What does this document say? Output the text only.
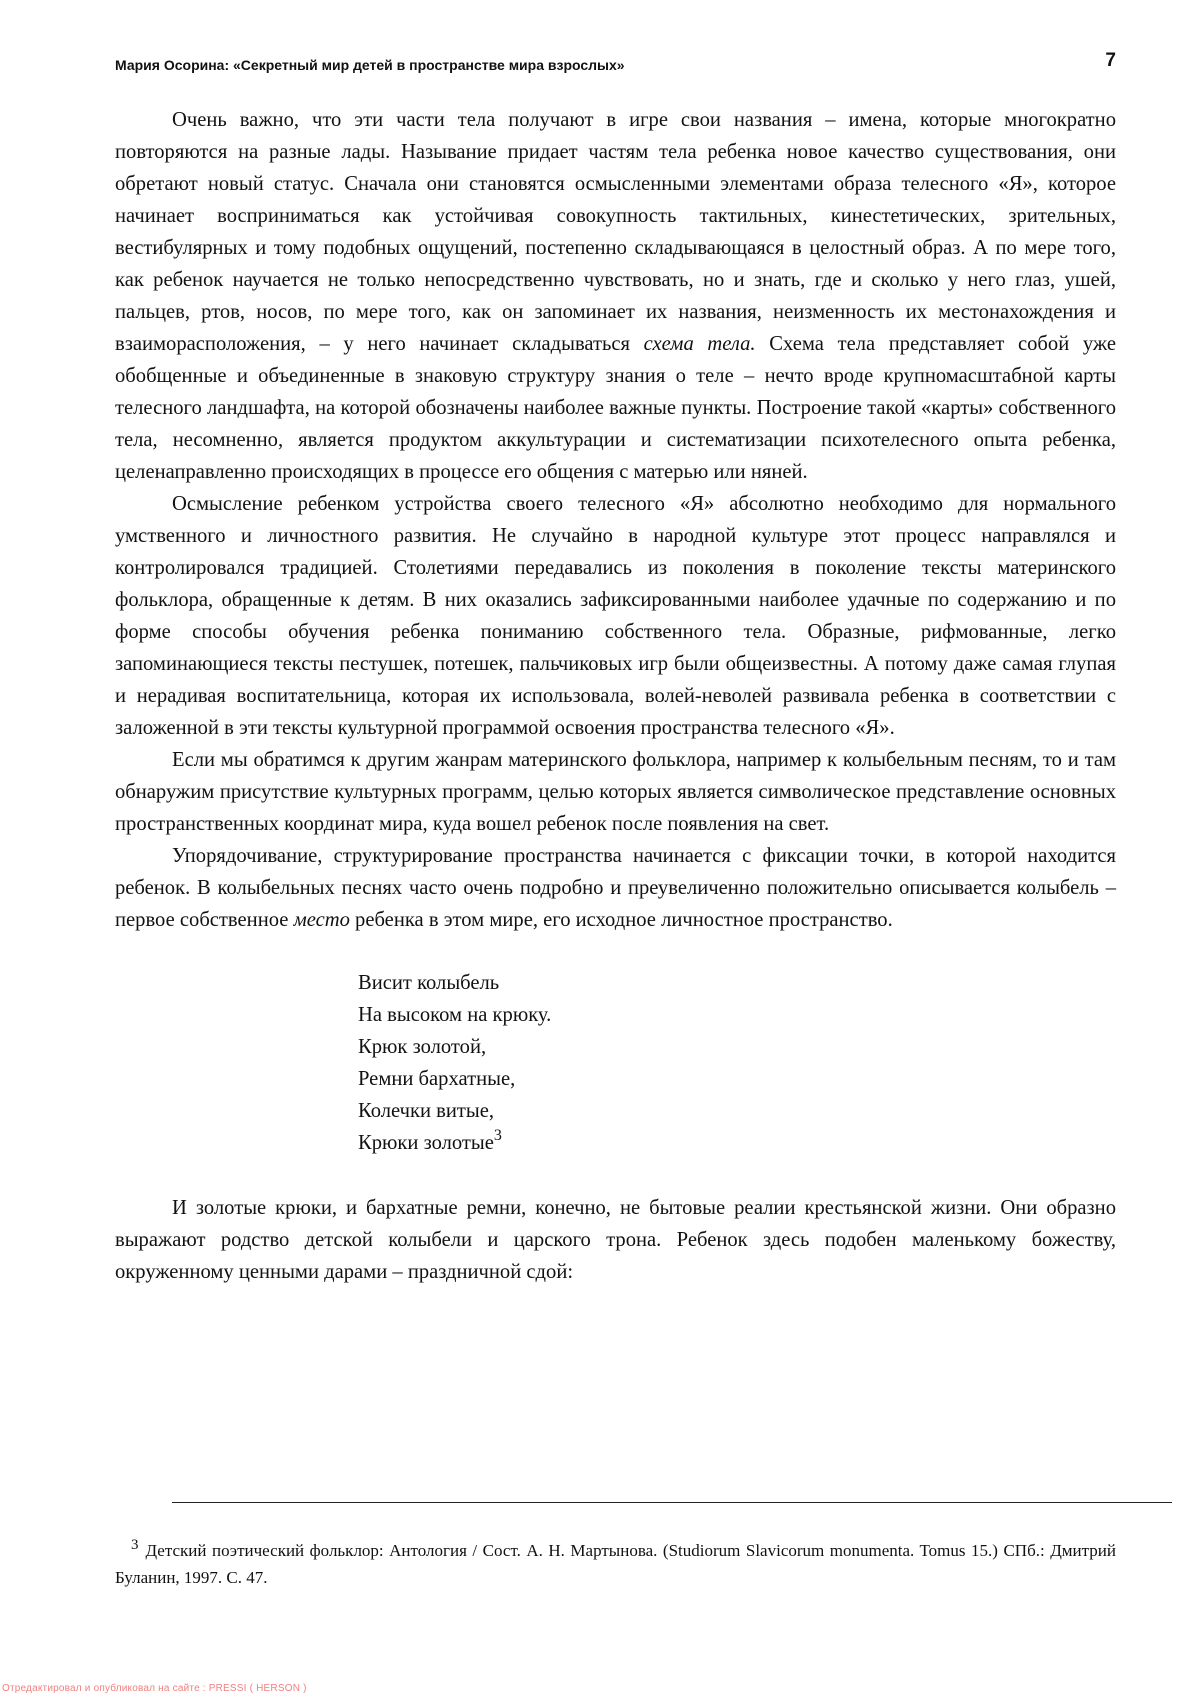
Мария Осорина: «Секретный мир детей в пространстве мира взрослых»	7

Очень важно, что эти части тела получают в игре свои названия – имена, которые многократно повторяются на разные лады. Называние придает частям тела ребенка новое качество существования, они обретают новый статус. Сначала они становятся осмысленными элементами образа телесного «Я», которое начинает восприниматься как устойчивая совокупность тактильных, кинестетических, зрительных, вестибулярных и тому подобных ощущений, постепенно складывающаяся в целостный образ. А по мере того, как ребенок научается не только непосредственно чувствовать, но и знать, где и сколько у него глаз, ушей, пальцев, ртов, носов, по мере того, как он запоминает их названия, неизменность их местонахождения и взаиморасположения, – у него начинает складываться схема тела. Схема тела представляет собой уже обобщенные и объединенные в знаковую структуру знания о теле – нечто вроде крупномасштабной карты телесного ландшафта, на которой обозначены наиболее важные пункты. Построение такой «карты» собственного тела, несомненно, является продуктом аккультурации и систематизации психотелесного опыта ребенка, целенаправленно происходящих в процессе его общения с матерью или няней.

Осмысление ребенком устройства своего телесного «Я» абсолютно необходимо для нормального умственного и личностного развития. Не случайно в народной культуре этот процесс направлялся и контролировался традицией. Столетиями передавались из поколения в поколение тексты материнского фольклора, обращенные к детям. В них оказались зафиксированными наиболее удачные по содержанию и по форме способы обучения ребенка пониманию собственного тела. Образные, рифмованные, легко запоминающиеся тексты пестушек, потешек, пальчиковых игр были общеизвестны. А потому даже самая глупая и нерадивая воспитательница, которая их использовала, волей-неволей развивала ребенка в соответствии с заложенной в эти тексты культурной программой освоения пространства телесного «Я».

Если мы обратимся к другим жанрам материнского фольклора, например к колыбельным песням, то и там обнаружим присутствие культурных программ, целью которых является символическое представление основных пространственных координат мира, куда вошел ребенок после появления на свет.

Упорядочивание, структурирование пространства начинается с фиксации точки, в которой находится ребенок. В колыбельных песнях часто очень подробно и преувеличенно положительно описывается колыбель – первое собственное место ребенка в этом мире, его исходное личностное пространство.

Висит колыбель
На высоком на крюку.
Крюк золотой,
Ремни бархатные,
Колечки витые,
Крюки золотые$^3$

И золотые крюки, и бархатные ремни, конечно, не бытовые реалии крестьянской жизни. Они образно выражают родство детской колыбели и царского трона. Ребенок здесь подобен маленькому божеству, окруженному ценными дарами – праздничной сдой:

$^3$ Детский поэтический фольклор: Антология / Сост. А. Н. Мартынова. (Studiorum Slavicorum monumenta. Tomus 15.) СПб.: Дмитрий Буланин, 1997. С. 47.
Отредактировал и опубликовал на сайте : PRESSI ( HERSON )
